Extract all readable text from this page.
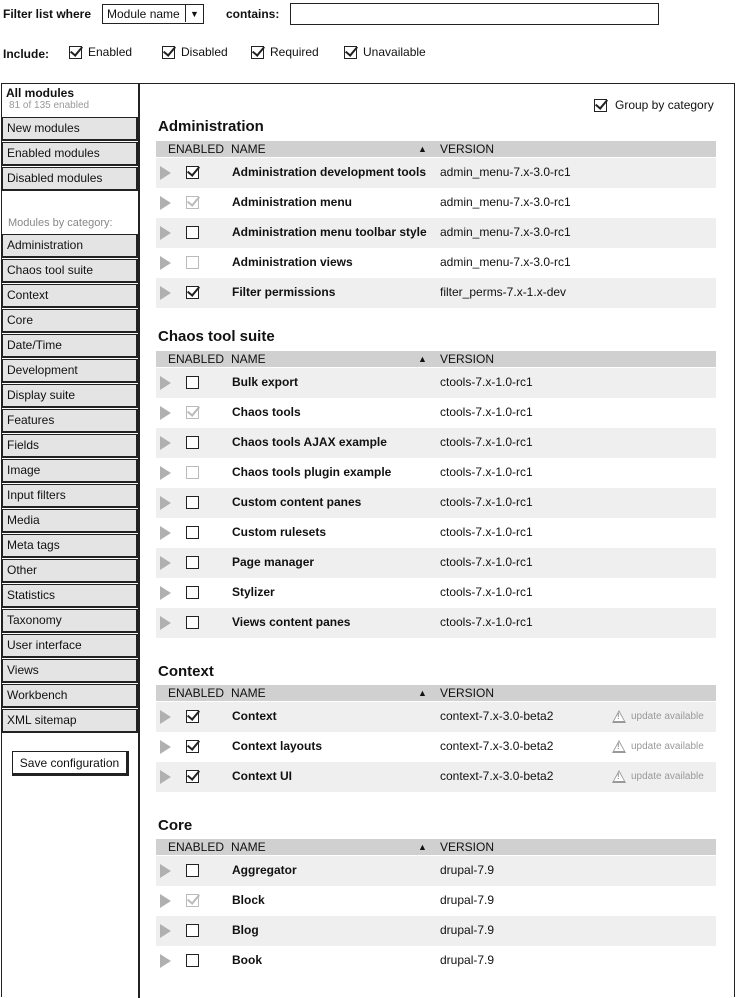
Filter list where Module name	▼	contains:
Include:	Enabled	Disabled	Required	Unavailable
All modules
81 of 135 enabled
New modules
Enabled modules
Disabled modules
Modules by category:
Administration
Chaos tool suite
Context
Core
Date/Time
Development
Display suite
Features
Fields
Image
Input filters
Media
Meta tags
Other
Statistics
Taxonomy
User interface
Views
Workbench
XML sitemap
Save configuration
Group by category
Administration
ENABLED NAME	▲ VERSION
Administration development tools admin_menu-7.x-3.0-rc1
Administration menu	admin_menu-7.x-3.0-rc1
Administration menu toolbar style admin_menu-7.x-3.0-rc1
Administration views	admin_menu-7.x-3.0-rc1
Filter permissions	filter_perms-7.x-1.x-dev
Chaos tool suite
ENABLED NAME	▲ VERSION
Bulk export	ctools-7.x-1.0-rc1
Chaos tools	ctools-7.x-1.0-rc1
Chaos tools AJAX example	ctools-7.x-1.0-rc1
Chaos tools plugin example	ctools-7.x-1.0-rc1
Custom content panes	ctools-7.x-1.0-rc1
Custom rulesets	ctools-7.x-1.0-rc1
Page manager	ctools-7.x-1.0-rc1
Stylizer	ctools-7.x-1.0-rc1
Views content panes	ctools-7.x-1.0-rc1
Context
ENABLED NAME	▲ VERSION
Context	context-7.x-3.0-beta2 !	update available
Context layouts	context-7.x-3.0-beta2 !	update available
Context UI	context-7.x-3.0-beta2 !	update available
Core
ENABLED NAME	▲ VERSION
Aggregator	drupal-7.9
Block	drupal-7.9
Blog	drupal-7.9
Book	drupal-7.9
